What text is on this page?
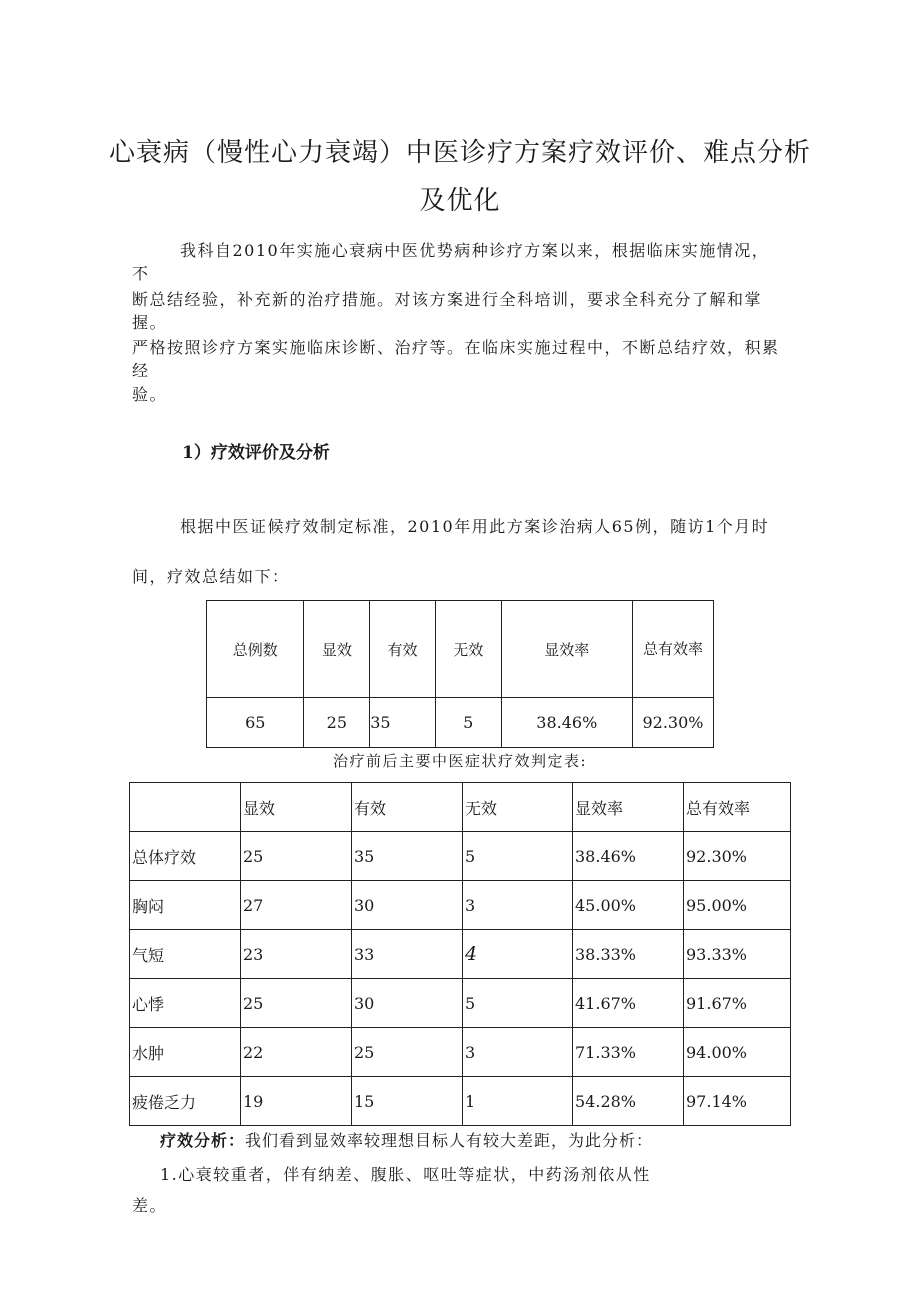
心衰病（慢性心力衰竭）中医诊疗方案疗效评价、难点分析
及优化

我科自2010年实施心衰病中医优势病种诊疗方案以来，根据临床实施情况，不

断总结经验，补充新的治疗措施。对该方案进行全科培训，要求全科充分了解和掌握。

严格按照诊疗方案实施临床诊断、治疗等。在临床实施过程中，不断总结疗效，积累经

验。

1）疗效评价及分析

根据中医证候疗效制定标准，2010年用此方案诊治病人65例，随访1个月时

间，疗效总结如下：

总例数	显效	有效	无效	显效率	总有效率
65	25	35	5	38.46%	92.30%

治疗前后主要中医症状疗效判定表:

	显效	有效	无效	显效率	总有效率
总体疗效	25	35	5	38.46%	92.30%
胸闷	27	30	3	45.00%	95.00%
气短	23	33	4	38.33%	93.33%
心悸	25	30	5	41.67%	91.67%
水肿	22	25	3	71.33%	94.00%
疲倦乏力	19	15	1	54.28%	97.14%

疗效分析：我们看到显效率较理想目标人有较大差距，为此分析：

1.心衰较重者，伴有纳差、腹胀、呕吐等症状，中药汤剂依从性

差。
